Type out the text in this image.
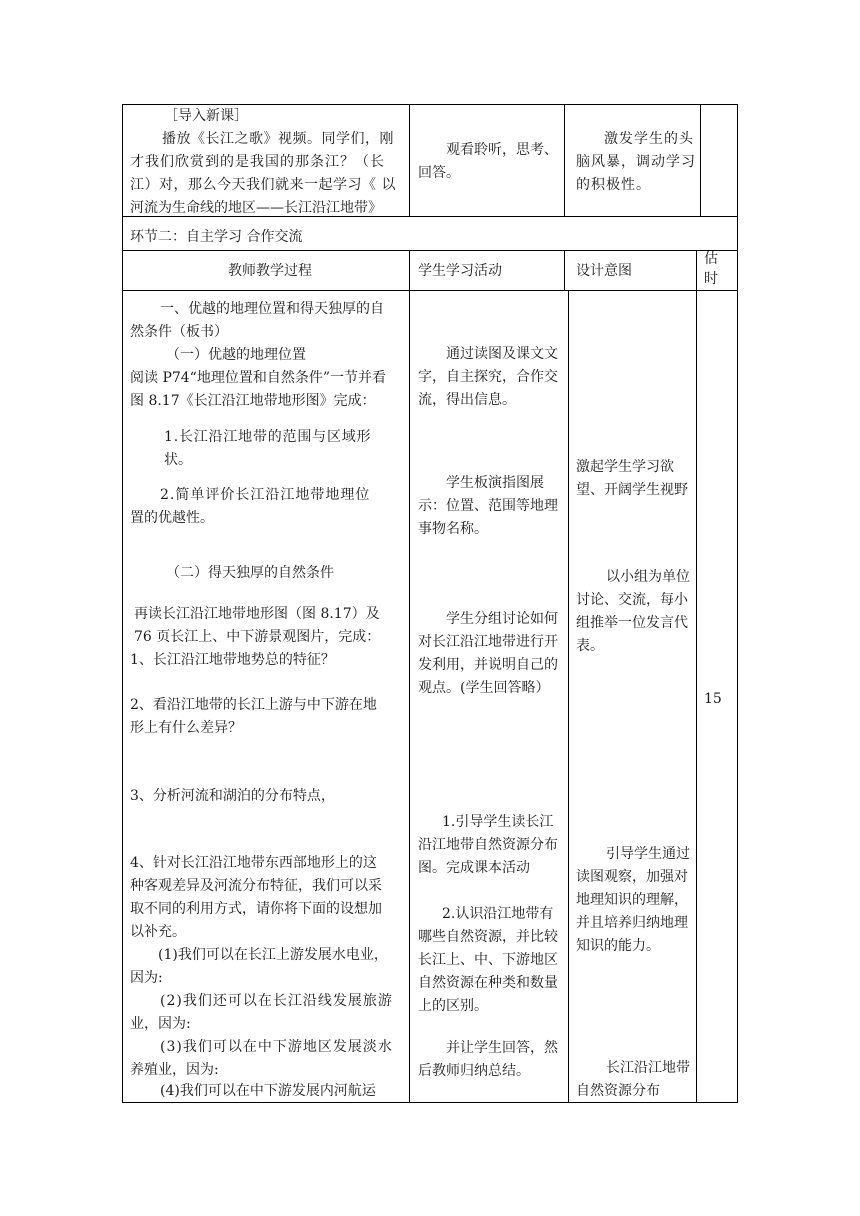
［导入新课］
播放《长江之歌》视频。同学们，刚
才我们欣赏到的是我国的那条江？（长
江）对，那么今天我们就来一起学习《 以
河流为生命线的地区——长江沿江地带》
观看聆听，思考、回答。
激发学生的头脑风暴，调动学习的积极性。
环节二：自主学习 合作交流
教师教学过程	学生学习活动	设计意图
估时
一、优越的地理位置和得天独厚的自
然条件（板书）
（一）优越的地理位置
阅读 P74“地理位置和自然条件”一节并看
图 8.17《长江沿江地带地形图》完成：
1.长江沿江地带的范围与区域形
状。
2.简单评价长江沿江地带地理位
置的优越性。
（二）得天独厚的自然条件
再读长江沿江地带地形图（图 8.17）及
76 页长江上、中下游景观图片，完成：
1、长江沿江地带地势总的特征？
2、看沿江地带的长江上游与中下游在地
形上有什么差异？
3、分析河流和湖泊的分布特点，
4、针对长江沿江地带东西部地形上的这
种客观差异及河流分布特征，我们可以采
取不同的利用方式，请你将下面的设想加
以补充。
(1)我们可以在长江上游发展水电业，
因为:
(2)我们还可以在长江沿线发展旅游
业，因为:
(3)我们可以在中下游地区发展淡水
养殖业，因为:
(4)我们可以在中下游发展内河航运
通过读图及课文文字，自主探究，合作交流，得出信息。
学生板演指图展示：位置、范围等地理事物名称。
学生分组讨论如何对长江沿江地带进行开发利用，并说明自己的观点。(学生回答略）
1.引导学生读长江沿江地带自然资源分布图。完成课本活动
2.认识沿江地带有哪些自然资源，并比较长江上、中、下游地区自然资源在种类和数量上的区别。
并让学生回答，然后教师归纳总结。
激起学生学习欲望、开阔学生视野
以小组为单位讨论、交流，每小组推举一位发言代表。
引导学生通过读图观察，加强对地理知识的理解，并且培养归纳地理知识的能力。
长江沿江地带自然资源分布
15
